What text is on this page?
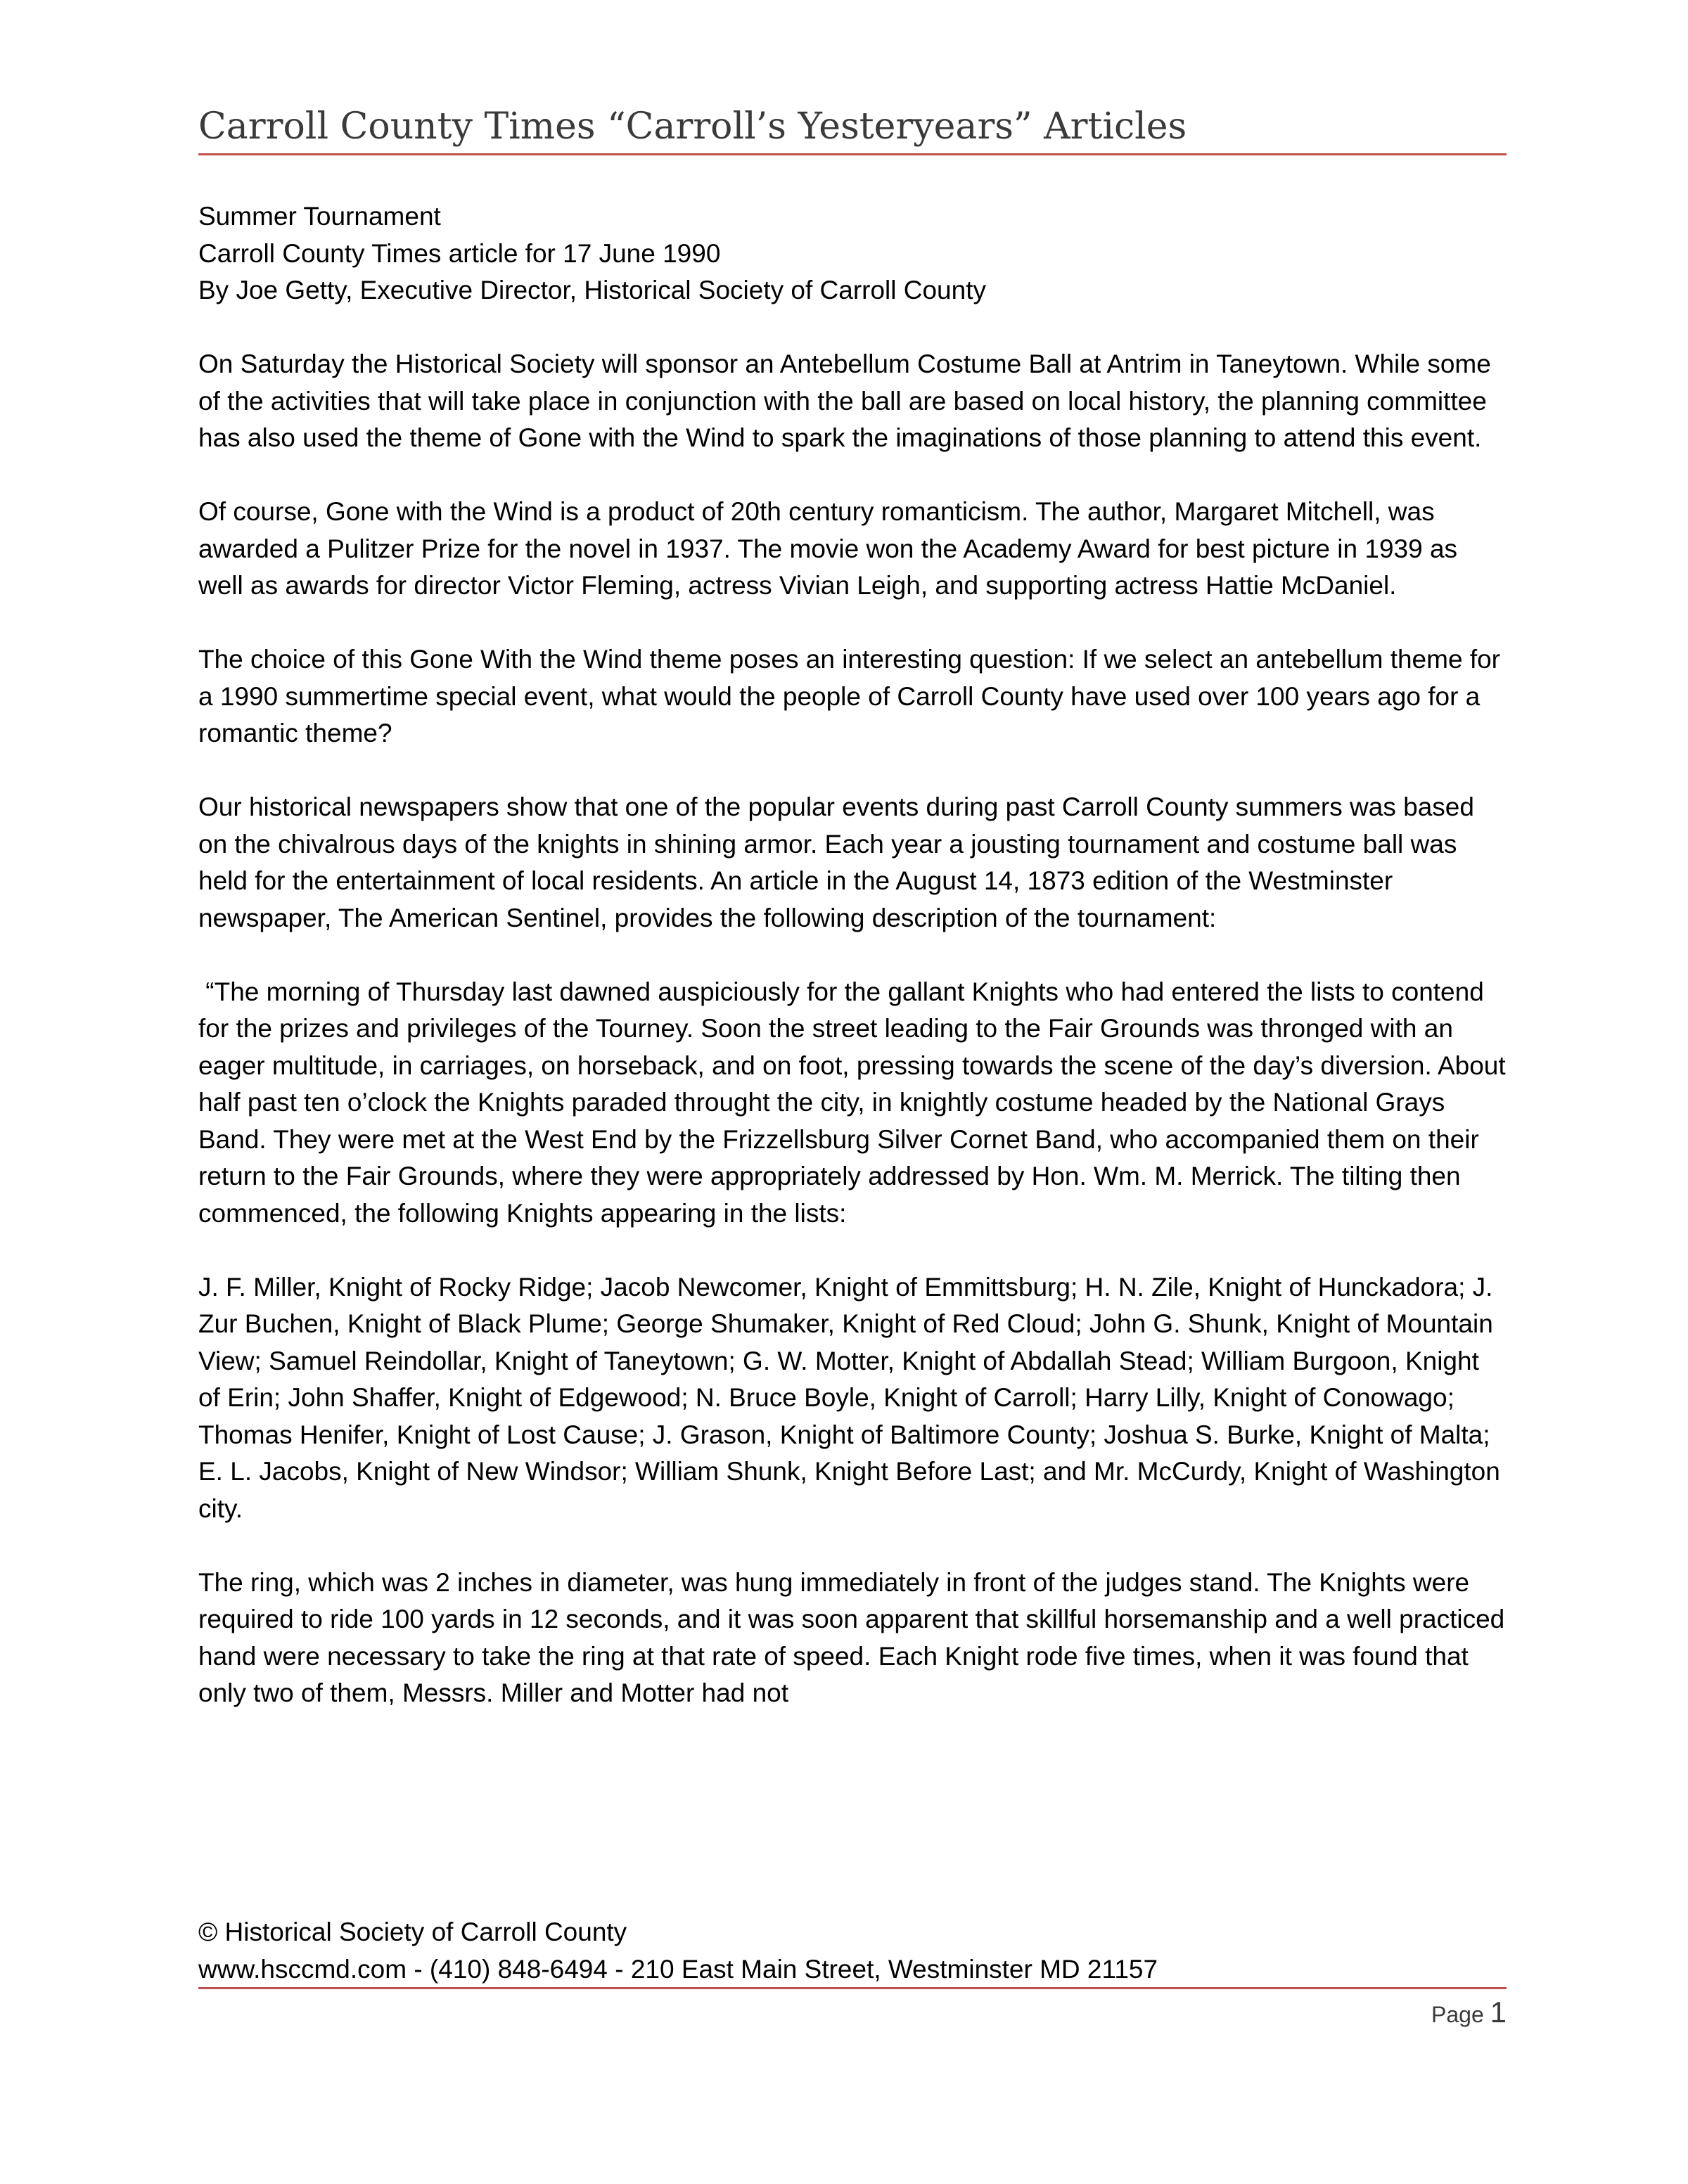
Carroll County Times “Carroll’s Yesteryears” Articles

Summer Tournament

Carroll County Times article for 17 June 1990

By Joe Getty, Executive Director, Historical Society of Carroll County

On Saturday the Historical Society will sponsor an Antebellum Costume Ball at Antrim in Taneytown. While some of the activities that will take place in conjunction with the ball are based on local history, the planning committee has also used the theme of Gone with the Wind to spark the imaginations of those planning to attend this event.

Of course, Gone with the Wind is a product of 20th century romanticism. The author, Margaret Mitchell, was awarded a Pulitzer Prize for the novel in 1937. The movie won the Academy Award for best picture in 1939 as well as awards for director Victor Fleming, actress Vivian Leigh, and supporting actress Hattie McDaniel.

The choice of this Gone With the Wind theme poses an interesting question: If we select an antebellum theme for a 1990 summertime special event, what would the people of Carroll County have used over 100 years ago for a romantic theme?

Our historical newspapers show that one of the popular events during past Carroll County summers was based on the chivalrous days of the knights in shining armor. Each year a jousting tournament and costume ball was held for the entertainment of local residents. An article in the August 14, 1873 edition of the Westminster newspaper, The American Sentinel, provides the following description of the tournament:

“The morning of Thursday last dawned auspiciously for the gallant Knights who had entered the lists to contend for the prizes and privileges of the Tourney. Soon the street leading to the Fair Grounds was thronged with an eager multitude, in carriages, on horseback, and on foot, pressing towards the scene of the day’s diversion. About half past ten o’clock the Knights paraded throught the city, in knightly costume headed by the National Grays Band. They were met at the West End by the Frizzellsburg Silver Cornet Band, who accompanied them on their return to the Fair Grounds, where they were appropriately addressed by Hon. Wm. M. Merrick. The tilting then commenced, the following Knights appearing in the lists:

J. F. Miller, Knight of Rocky Ridge; Jacob Newcomer, Knight of Emmittsburg; H. N. Zile, Knight of Hunckadora; J. Zur Buchen, Knight of Black Plume; George Shumaker, Knight of Red Cloud; John G. Shunk, Knight of Mountain View; Samuel Reindollar, Knight of Taneytown; G. W. Motter, Knight of Abdallah Stead; William Burgoon, Knight of Erin; John Shaffer, Knight of Edgewood; N. Bruce Boyle, Knight of Carroll; Harry Lilly, Knight of Conowago; Thomas Henifer, Knight of Lost Cause; J. Grason, Knight of Baltimore County; Joshua S. Burke, Knight of Malta; E. L. Jacobs, Knight of New Windsor; William Shunk, Knight Before Last; and Mr. McCurdy, Knight of Washington city.

The ring, which was 2 inches in diameter, was hung immediately in front of the judges stand. The Knights were required to ride 100 yards in 12 seconds, and it was soon apparent that skillful horsemanship and a well practiced hand were necessary to take the ring at that rate of speed. Each Knight rode five times, when it was found that only two of them, Messrs. Miller and Motter had not

© Historical Society of Carroll County
www.hsccmd.com - (410) 848-6494 - 210 East Main Street, Westminster MD 21157
Page 1
